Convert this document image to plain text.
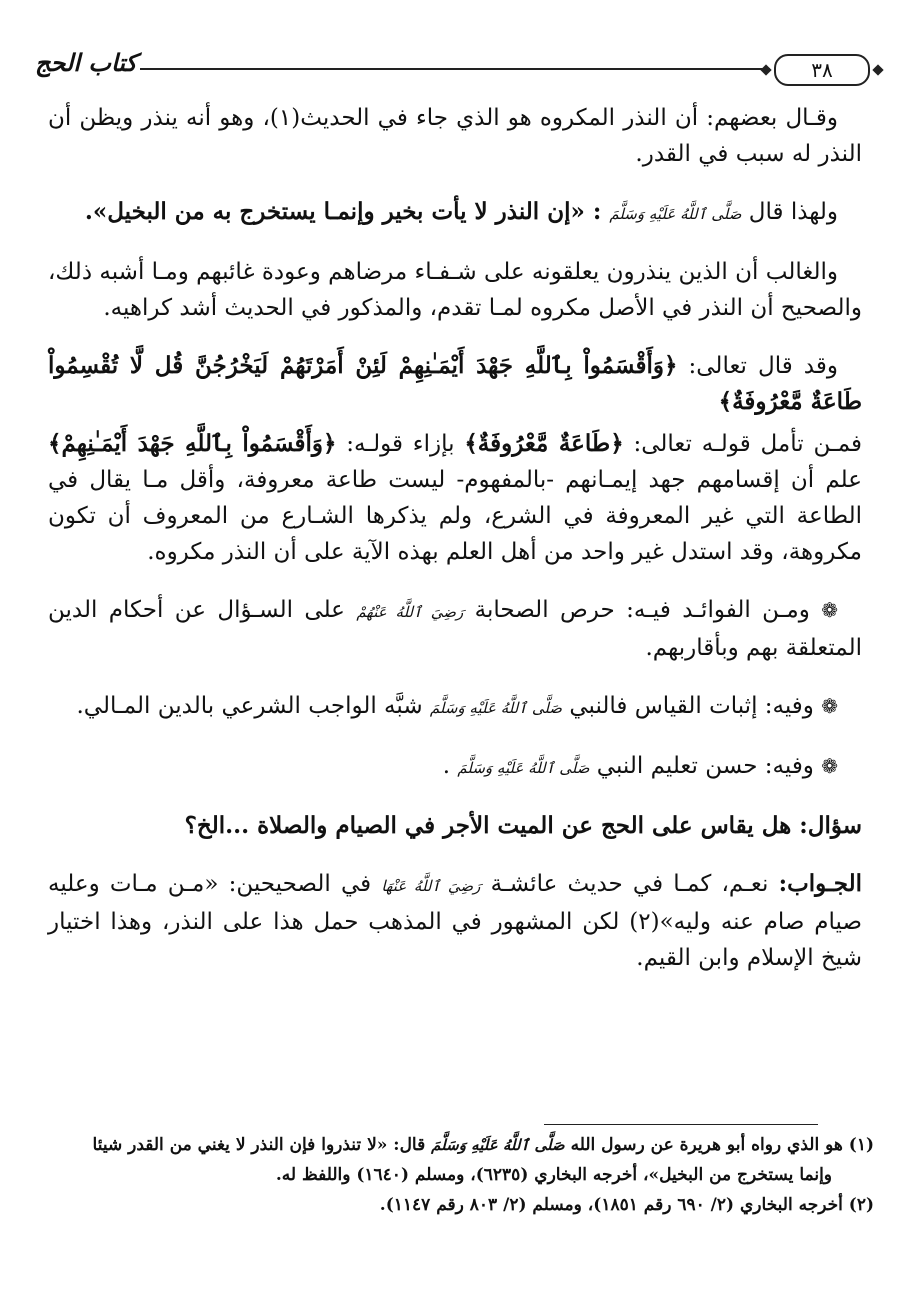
كتاب الحج	٣٨

وقـال بعضهم: أن النذر المكروه هو الذي جاء في الحديث(١)، وهو أنه ينذر ويظن أن النذر له سبب في القدر.

ولهذا قال صَلَّى ٱللَّهُ عَلَيْهِ وَسَلَّمَ : «إن النذر لا يأت بخير وإنمـا يستخرج به من البخيل».

والغالب أن الذين ينذرون يعلقونه على شـفـاء مرضاهم وعودة غائبهم ومـا أشبه ذلك، والصحيح أن النذر في الأصل مكروه لمـا تقدم، والمذكور في الحديث أشد كراهيه.

وقد قال تعالى: ﴿وَأَقْسَمُواْ بِٱللَّهِ جَهْدَ أَيْمَـٰنِهِمْ لَئِنْ أَمَرْتَهُمْ لَيَخْرُجُنَّ قُل لَّا تُقْسِمُواْ طَاعَةٌ مَّعْرُوفَةٌ﴾

فمـن تأمل قولـه تعالى: ﴿طَاعَةٌ مَّعْرُوفَةٌ﴾ بإزاء قولـه: ﴿وَأَقْسَمُواْ بِٱللَّهِ جَهْدَ أَيْمَـٰنِهِمْ﴾ علم أن إقسامهم جهد إيمـانهم -بالمفهوم- ليست طاعة معروفة، وأقل مـا يقال في الطاعة التي غير المعروفة في الشرع، ولم يذكرها الشـارع من المعروف أن تكون مكروهة، وقد استدل غير واحد من أهل العلم بهذه الآية على أن النذر مكروه.

❁ ومـن الفوائـد فيـه: حرص الصحابة رَضِيَ ٱللَّهُ عَنْهُمْ على السـؤال عن أحكام الدين المتعلقة بهم وبأقاربهم.

❁ وفيه: إثبات القياس فالنبي صَلَّى ٱللَّهُ عَلَيْهِ وَسَلَّمَ شبَّه الواجب الشرعي بالدين المـالي.

❁ وفيه: حسن تعليم النبي صَلَّى ٱللَّهُ عَلَيْهِ وَسَلَّمَ .

سؤال: هل يقاس على الحج عن الميت الأجر في الصيام والصلاة ...الخ؟

الجـواب: نعـم، كمـا في حديث عائشـة رَضِيَ ٱللَّهُ عَنْهَا في الصحيحين: «مـن مـات وعليه صيام صام عنه وليه»(٢) لكن المشهور في المذهب حمل هذا على النذر، وهذا اختيار شيخ الإسلام وابن القيم.

(١) هو الذي رواه أبو هريرة عن رسول الله صَلَّى ٱللَّهُ عَلَيْهِ وَسَلَّمَ قال: «لا تنذروا فإن النذر لا يغني من القدر شيئا

وإنما يستخرج من البخيل»، أخرجه البخاري (٦٢٣٥)، ومسلم (١٦٤٠) واللفظ له.

(٢) أخرجه البخاري (٢/ ٦٩٠ رقم ١٨٥١)، ومسلم (٢/ ٨٠٣ رقم ١١٤٧).
